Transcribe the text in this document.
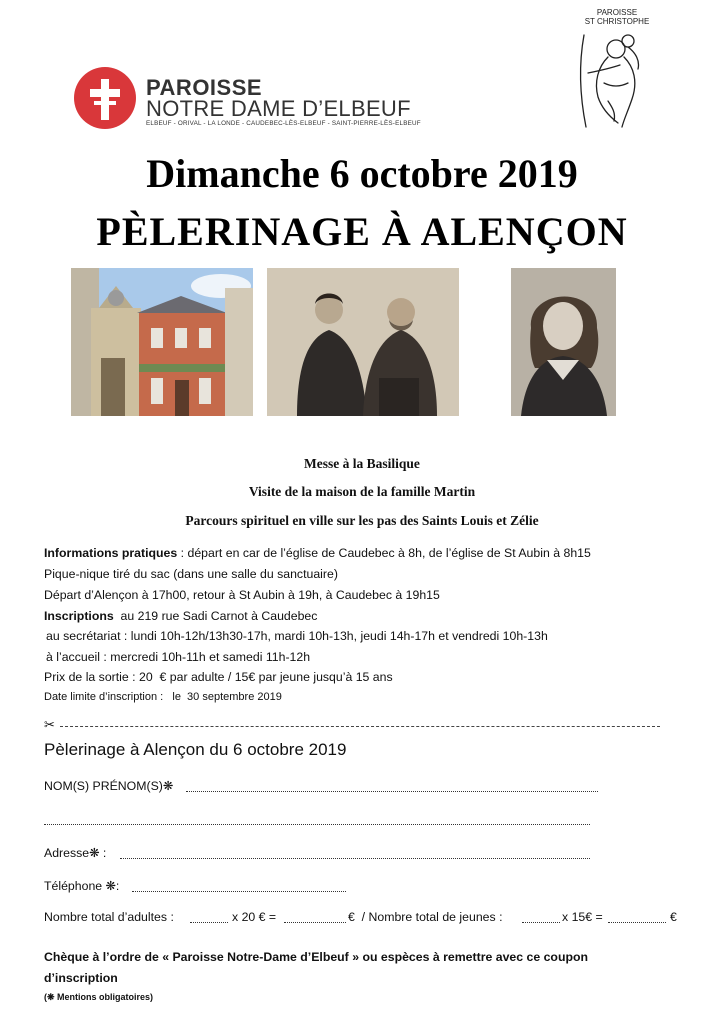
PAROISSE
NOTRE DAME D’ELBEUF
ELBEUF - ORIVAL - LA LONDE - CAUDEBEC-LÈS-ELBEUF - SAINT-PIERRE-LÈS-ELBEUF
PAROISSE
ST CHRISTOPHE
Dimanche 6 octobre 2019
PÈLERINAGE À ALENÇON
Messe à la Basilique
Visite de la maison de la famille Martin
Parcours spirituel en ville sur les pas des Saints Louis et Zélie
Informations pratiques : départ en car de l’église de Caudebec à 8h, de l’église de St Aubin à 8h15
Pique-nique tiré du sac (dans une salle du sanctuaire)
Départ d’Alençon à 17h00, retour à St Aubin à 19h, à Caudebec à 19h15
Inscriptions  au 219 rue Sadi Carnot à Caudebec
au secrétariat : lundi 10h-12h/13h30-17h, mardi 10h-13h, jeudi 14h-17h et vendredi 10h-13h
à l’accueil : mercredi 10h-11h et samedi 11h-12h
Prix de la sortie : 20  € par adulte / 15€ par jeune jusqu’à 15 ans
Date limite d’inscription :   le  30 septembre 2019
✂
Pèlerinage à Alençon du 6 octobre 2019
NOM(S) PRÉNOM(S)❋
Adresse❋ :
Téléphone ❋:
Nombre total d’adultes :	x 20 € =	€  / Nombre total de jeunes :	x 15€ =	€
Chèque à l’ordre de « Paroisse Notre-Dame d’Elbeuf » ou espèces à remettre avec ce coupon
d’inscription
(❋ Mentions obligatoires)
